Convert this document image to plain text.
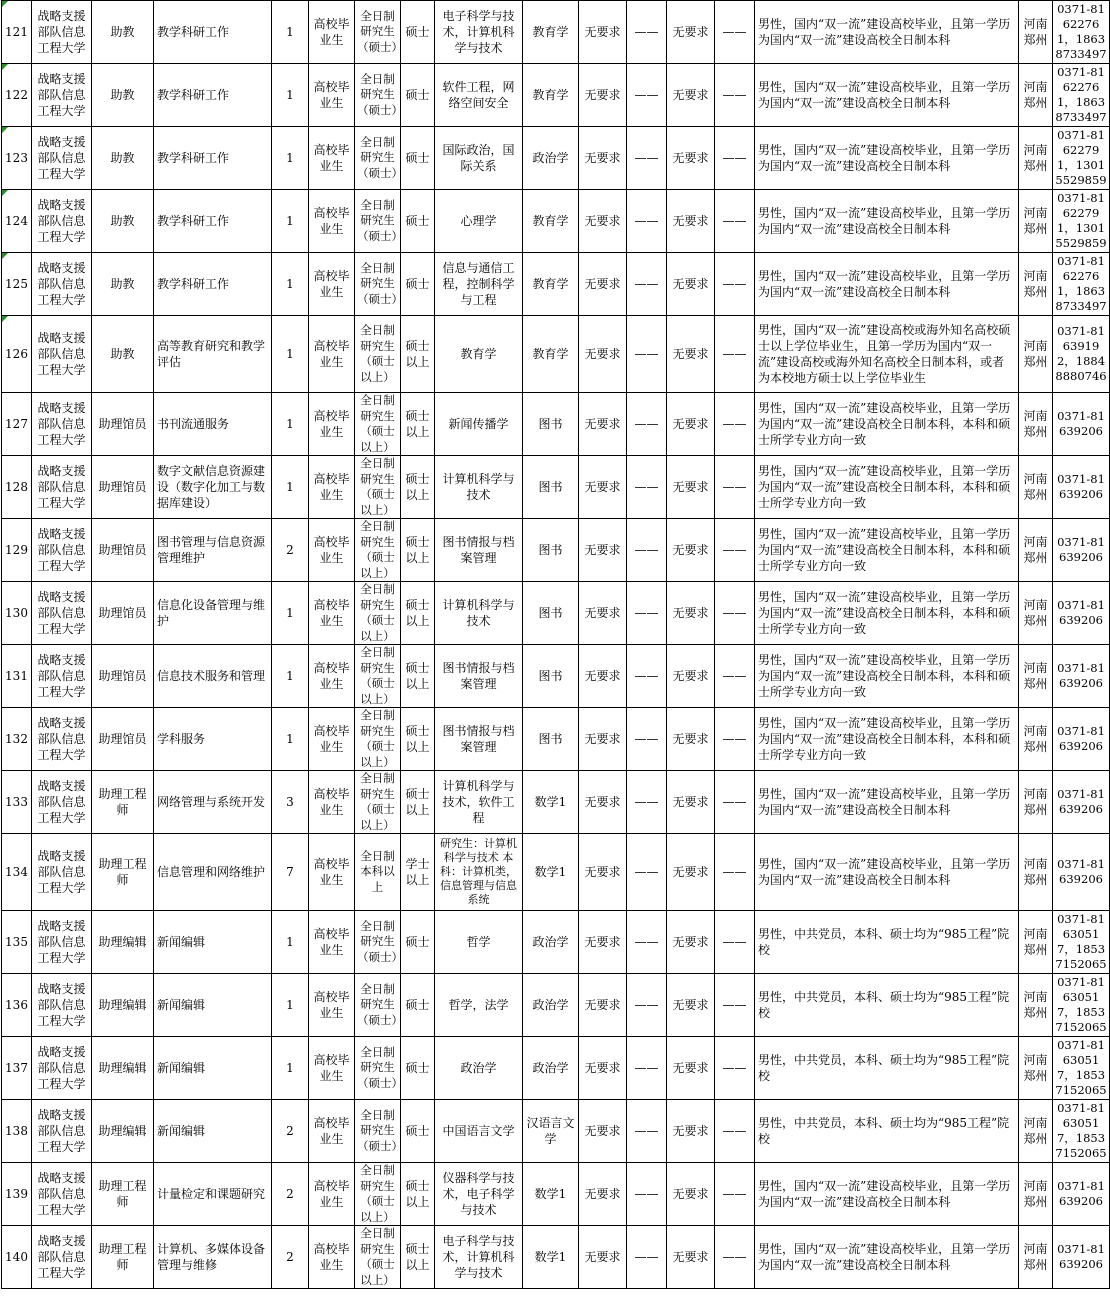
121	战略支援部队信息工程大学	助教	教学科研工作	1	高校毕业生	全日制研究生（硕士）	硕士	电子科学与技术，计算机科学与技术	教育学	无要求	——	无要求	——	男性，国内“双一流”建设高校毕业，且第一学历为国内“双一流”建设高校全日制本科	河南郑州	0371-81622761，18638733497
122	战略支援部队信息工程大学	助教	教学科研工作	1	高校毕业生	全日制研究生（硕士）	硕士	软件工程，网络空间安全	教育学	无要求	——	无要求	——	男性，国内“双一流”建设高校毕业，且第一学历为国内“双一流”建设高校全日制本科	河南郑州	0371-81622761，18638733497
123	战略支援部队信息工程大学	助教	教学科研工作	1	高校毕业生	全日制研究生（硕士）	硕士	国际政治，国际关系	政治学	无要求	——	无要求	——	男性，国内“双一流”建设高校毕业，且第一学历为国内“双一流”建设高校全日制本科	河南郑州	0371-81622791，13015529859
124	战略支援部队信息工程大学	助教	教学科研工作	1	高校毕业生	全日制研究生（硕士）	硕士	心理学	教育学	无要求	——	无要求	——	男性，国内“双一流”建设高校毕业，且第一学历为国内“双一流”建设高校全日制本科	河南郑州	0371-81622791，13015529859
125	战略支援部队信息工程大学	助教	教学科研工作	1	高校毕业生	全日制研究生（硕士）	硕士	信息与通信工程，控制科学与工程	教育学	无要求	——	无要求	——	男性，国内“双一流”建设高校毕业，且第一学历为国内“双一流”建设高校全日制本科	河南郑州	0371-81622761，18638733497
126	战略支援部队信息工程大学	助教	高等教育研究和教学评估	1	高校毕业生	全日制研究生（硕士以上）	硕士以上	教育学	教育学	无要求	——	无要求	——	男性，国内“双一流”建设高校或海外知名高校硕士以上学位毕业生，且第一学历为国内“双一流”建设高校或海外知名高校全日制本科，或者为本校地方硕士以上学位毕业生	河南郑州	0371-81639192，18848880746
127	战略支援部队信息工程大学	助理馆员	书刊流通服务	1	高校毕业生	全日制研究生（硕士以上）	硕士以上	新闻传播学	图书	无要求	——	无要求	——	男性，国内“双一流”建设高校毕业，且第一学历为国内“双一流”建设高校全日制本科，本科和硕士所学专业方向一致	河南郑州	0371-81639206
128	战略支援部队信息工程大学	助理馆员	数字文献信息资源建设（数字化加工与数据库建设）	1	高校毕业生	全日制研究生（硕士以上）	硕士以上	计算机科学与技术	图书	无要求	——	无要求	——	男性，国内“双一流”建设高校毕业，且第一学历为国内“双一流”建设高校全日制本科，本科和硕士所学专业方向一致	河南郑州	0371-81639206
129	战略支援部队信息工程大学	助理馆员	图书管理与信息资源管理维护	2	高校毕业生	全日制研究生（硕士以上）	硕士以上	图书情报与档案管理	图书	无要求	——	无要求	——	男性，国内“双一流”建设高校毕业，且第一学历为国内“双一流”建设高校全日制本科，本科和硕士所学专业方向一致	河南郑州	0371-81639206
130	战略支援部队信息工程大学	助理馆员	信息化设备管理与维护	1	高校毕业生	全日制研究生（硕士以上）	硕士以上	计算机科学与技术	图书	无要求	——	无要求	——	男性，国内“双一流”建设高校毕业，且第一学历为国内“双一流”建设高校全日制本科，本科和硕士所学专业方向一致	河南郑州	0371-81639206
131	战略支援部队信息工程大学	助理馆员	信息技术服务和管理	1	高校毕业生	全日制研究生（硕士以上）	硕士以上	图书情报与档案管理	图书	无要求	——	无要求	——	男性，国内“双一流”建设高校毕业，且第一学历为国内“双一流”建设高校全日制本科，本科和硕士所学专业方向一致	河南郑州	0371-81639206
132	战略支援部队信息工程大学	助理馆员	学科服务	1	高校毕业生	全日制研究生（硕士以上）	硕士以上	图书情报与档案管理	图书	无要求	——	无要求	——	男性，国内“双一流”建设高校毕业，且第一学历为国内“双一流”建设高校全日制本科，本科和硕士所学专业方向一致	河南郑州	0371-81639206
133	战略支援部队信息工程大学	助理工程师	网络管理与系统开发	3	高校毕业生	全日制研究生（硕士以上）	硕士以上	计算机科学与技术，软件工程	数学1	无要求	——	无要求	——	男性，国内“双一流”建设高校毕业，且第一学历为国内“双一流”建设高校全日制本科	河南郑州	0371-81639206
134	战略支援部队信息工程大学	助理工程师	信息管理和网络维护	7	高校毕业生	全日制本科以上	学士以上	研究生：计算机科学与技术 本科：计算机类，信息管理与信息系统	数学1	无要求	——	无要求	——	男性，国内“双一流”建设高校毕业，且第一学历为国内“双一流”建设高校全日制本科	河南郑州	0371-81639206
135	战略支援部队信息工程大学	助理编辑	新闻编辑	1	高校毕业生	全日制研究生（硕士）	硕士	哲学	政治学	无要求	——	无要求	——	男性，中共党员，本科、硕士均为“985工程”院校	河南郑州	0371-81630517，18537152065
136	战略支援部队信息工程大学	助理编辑	新闻编辑	1	高校毕业生	全日制研究生（硕士）	硕士	哲学，法学	政治学	无要求	——	无要求	——	男性，中共党员，本科、硕士均为“985工程”院校	河南郑州	0371-81630517，18537152065
137	战略支援部队信息工程大学	助理编辑	新闻编辑	1	高校毕业生	全日制研究生（硕士）	硕士	政治学	政治学	无要求	——	无要求	——	男性，中共党员，本科、硕士均为“985工程”院校	河南郑州	0371-81630517，18537152065
138	战略支援部队信息工程大学	助理编辑	新闻编辑	2	高校毕业生	全日制研究生（硕士）	硕士	中国语言文学	汉语言文学	无要求	——	无要求	——	男性，中共党员，本科、硕士均为“985工程”院校	河南郑州	0371-81630517，18537152065
139	战略支援部队信息工程大学	助理工程师	计量检定和课题研究	2	高校毕业生	全日制研究生（硕士以上）	硕士以上	仪器科学与技术，电子科学与技术	数学1	无要求	——	无要求	——	男性，国内“双一流”建设高校毕业，且第一学历为国内“双一流”建设高校全日制本科	河南郑州	0371-81639206
140	战略支援部队信息工程大学	助理工程师	计算机、多媒体设备管理与维修	2	高校毕业生	全日制研究生（硕士以上）	硕士以上	电子科学与技术，计算机科学与技术	数学1	无要求	——	无要求	——	男性，国内“双一流”建设高校毕业，且第一学历为国内“双一流”建设高校全日制本科	河南郑州	0371-81639206
